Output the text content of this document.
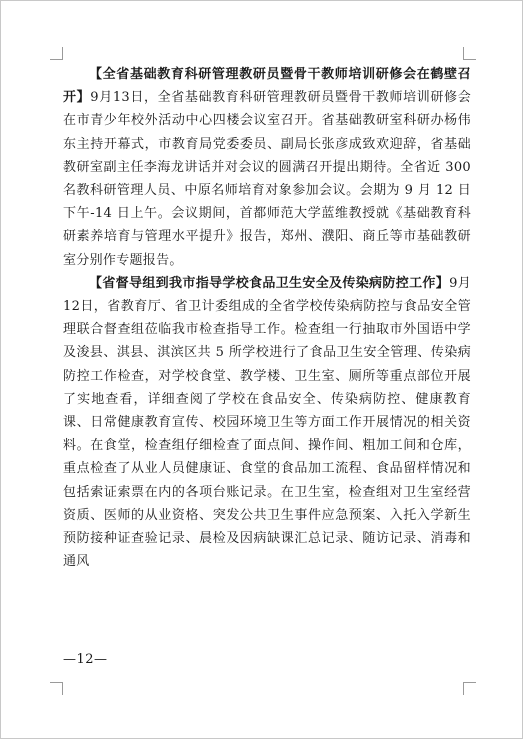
【全省基础教育科研管理教研员暨骨干教师培训研修会在鹤壁召开】9月13日，全省基础教育科研管理教研员暨骨干教师培训研修会在市青少年校外活动中心四楼会议室召开。省基础教研室科研办杨伟东主持开幕式，市教育局党委委员、副局长张彦成致欢迎辞，省基础教研室副主任李海龙讲话并对会议的圆满召开提出期待。全省近 300 名教科研管理人员、中原名师培育对象参加会议。会期为 9 月 12 日下午-14 日上午。会议期间，首都师范大学蓝维教授就《基础教育科研素养培育与管理水平提升》报告，郑州、濮阳、商丘等市基础教研室分别作专题报告。

【省督导组到我市指导学校食品卫生安全及传染病防控工作】9月12日，省教育厅、省卫计委组成的全省学校传染病防控与食品安全管理联合督查组莅临我市检查指导工作。检查组一行抽取市外国语中学及浚县、淇县、淇滨区共 5 所学校进行了食品卫生安全管理、传染病防控工作检查，对学校食堂、教学楼、卫生室、厕所等重点部位开展了实地查看，详细查阅了学校在食品安全、传染病防控、健康教育课、日常健康教育宣传、校园环境卫生等方面工作开展情况的相关资料。在食堂，检查组仔细检查了面点间、操作间、粗加工间和仓库，重点检查了从业人员健康证、食堂的食品加工流程、食品留样情况和包括索证索票在内的各项台账记录。在卫生室，检查组对卫生室经营资质、医师的从业资格、突发公共卫生事件应急预案、入托入学新生预防接种证查验记录、晨检及因病缺课汇总记录、随访记录、消毒和通风

—12—
